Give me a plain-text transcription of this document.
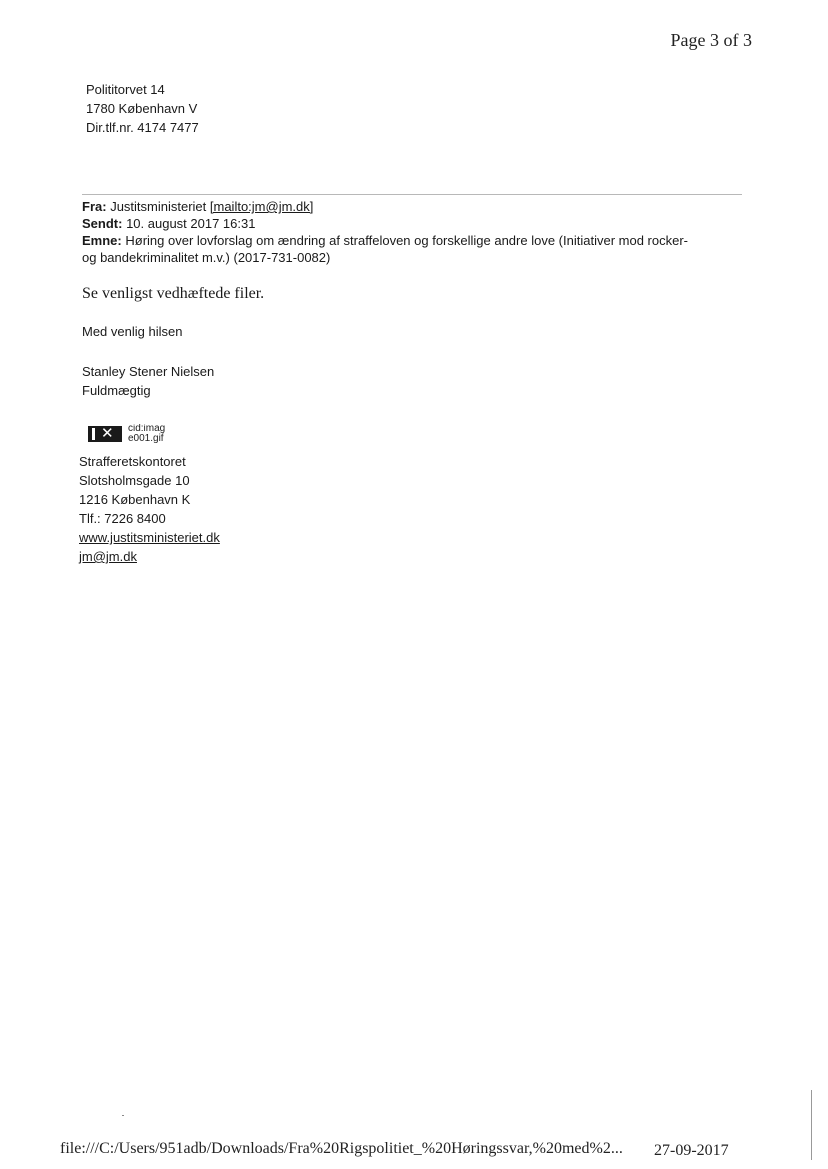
Page 3 of 3
Polititorvet 14
1780 København V
Dir.tlf.nr. 4174 7477
Fra: Justitsministeriet [mailto:jm@jm.dk]
Sendt: 10. august 2017 16:31
Emne: Høring over lovforslag om ændring af straffeloven og forskellige andre love (Initiativer mod rocker-
og bandekriminalitet m.v.) (2017-731-0082)
Se venligst vedhæftede filer.
Med venlig hilsen
Stanley Stener Nielsen
Fuldmægtig
✕ cid:imag
e001.gif
Strafferetskontoret
Slotsholmsgade 10
1216 København K
Tlf.: 7226 8400
www.justitsministeriet.dk
jm@jm.dk
file:///C:/Users/951adb/Downloads/Fra%20Rigspolitiet_%20Høringssvar,%20med%2... 27-09-2017
